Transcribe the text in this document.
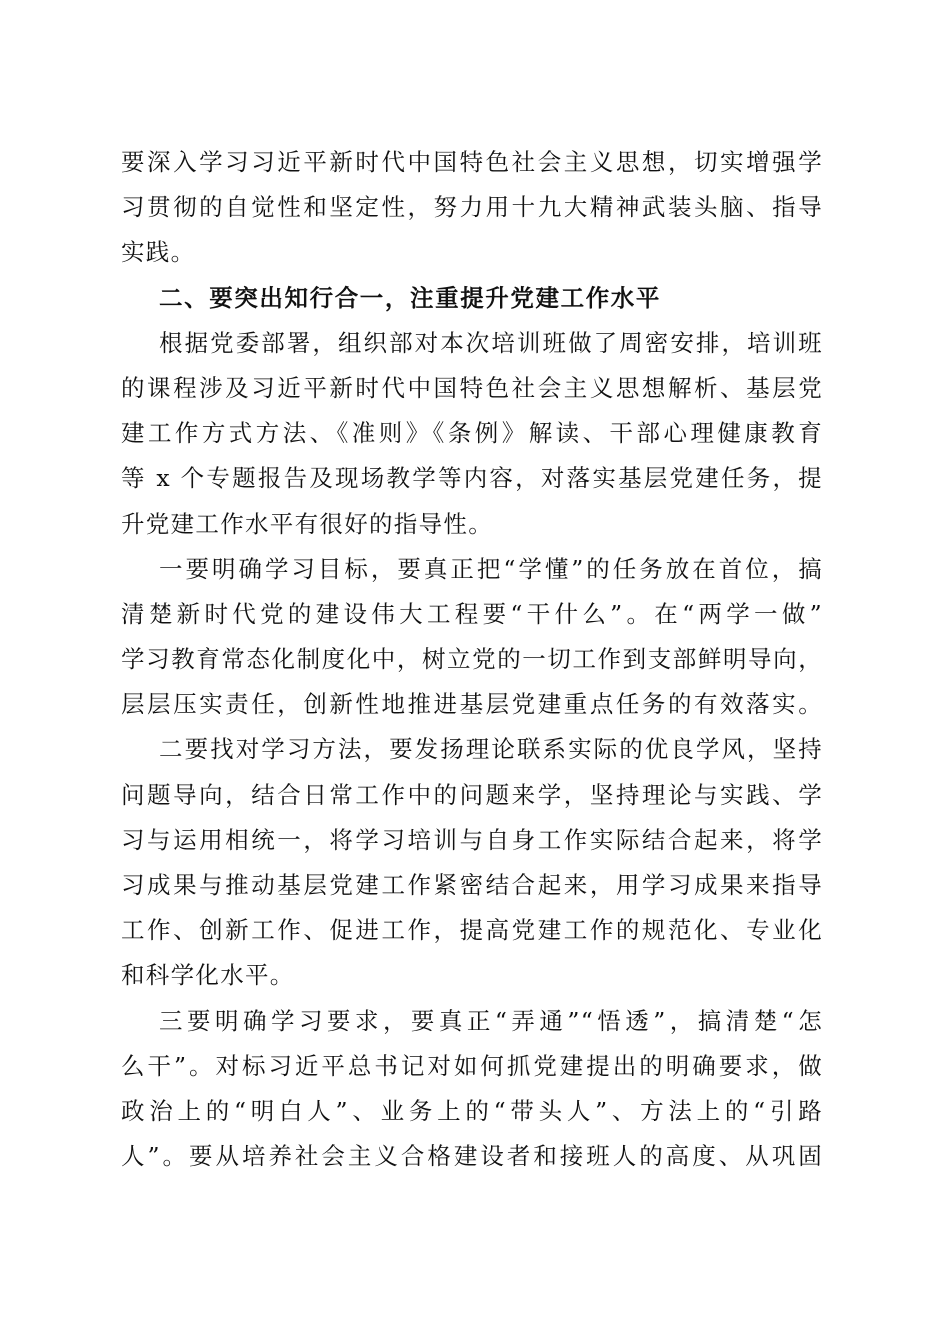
要深入学习习近平新时代中国特色社会主义思想，切实增强学
习贯彻的自觉性和坚定性，努力用十九大精神武装头脑、指导
实践。
二、要突出知行合一，注重提升党建工作水平
根据党委部署，组织部对本次培训班做了周密安排，培训班
的课程涉及习近平新时代中国特色社会主义思想解析、基层党
建工作方式方法、《准则》《条例》解读、干部心理健康教育
等 x 个专题报告及现场教学等内容，对落实基层党建任务，提
升党建工作水平有很好的指导性。
一要明确学习目标，要真正把“学懂”的任务放在首位，搞
清楚新时代党的建设伟大工程要“干什么”。在“两学一做”
学习教育常态化制度化中，树立党的一切工作到支部鲜明导向，
层层压实责任，创新性地推进基层党建重点任务的有效落实。
二要找对学习方法，要发扬理论联系实际的优良学风，坚持
问题导向，结合日常工作中的问题来学，坚持理论与实践、学
习与运用相统一，将学习培训与自身工作实际结合起来，将学
习成果与推动基层党建工作紧密结合起来，用学习成果来指导
工作、创新工作、促进工作，提高党建工作的规范化、专业化
和科学化水平。
三要明确学习要求，要真正“弄通”“悟透”，搞清楚“怎
么干”。对标习近平总书记对如何抓党建提出的明确要求，做
政治上的“明白人”、业务上的“带头人”、方法上的“引路
人”。要从培养社会主义合格建设者和接班人的高度、从巩固
